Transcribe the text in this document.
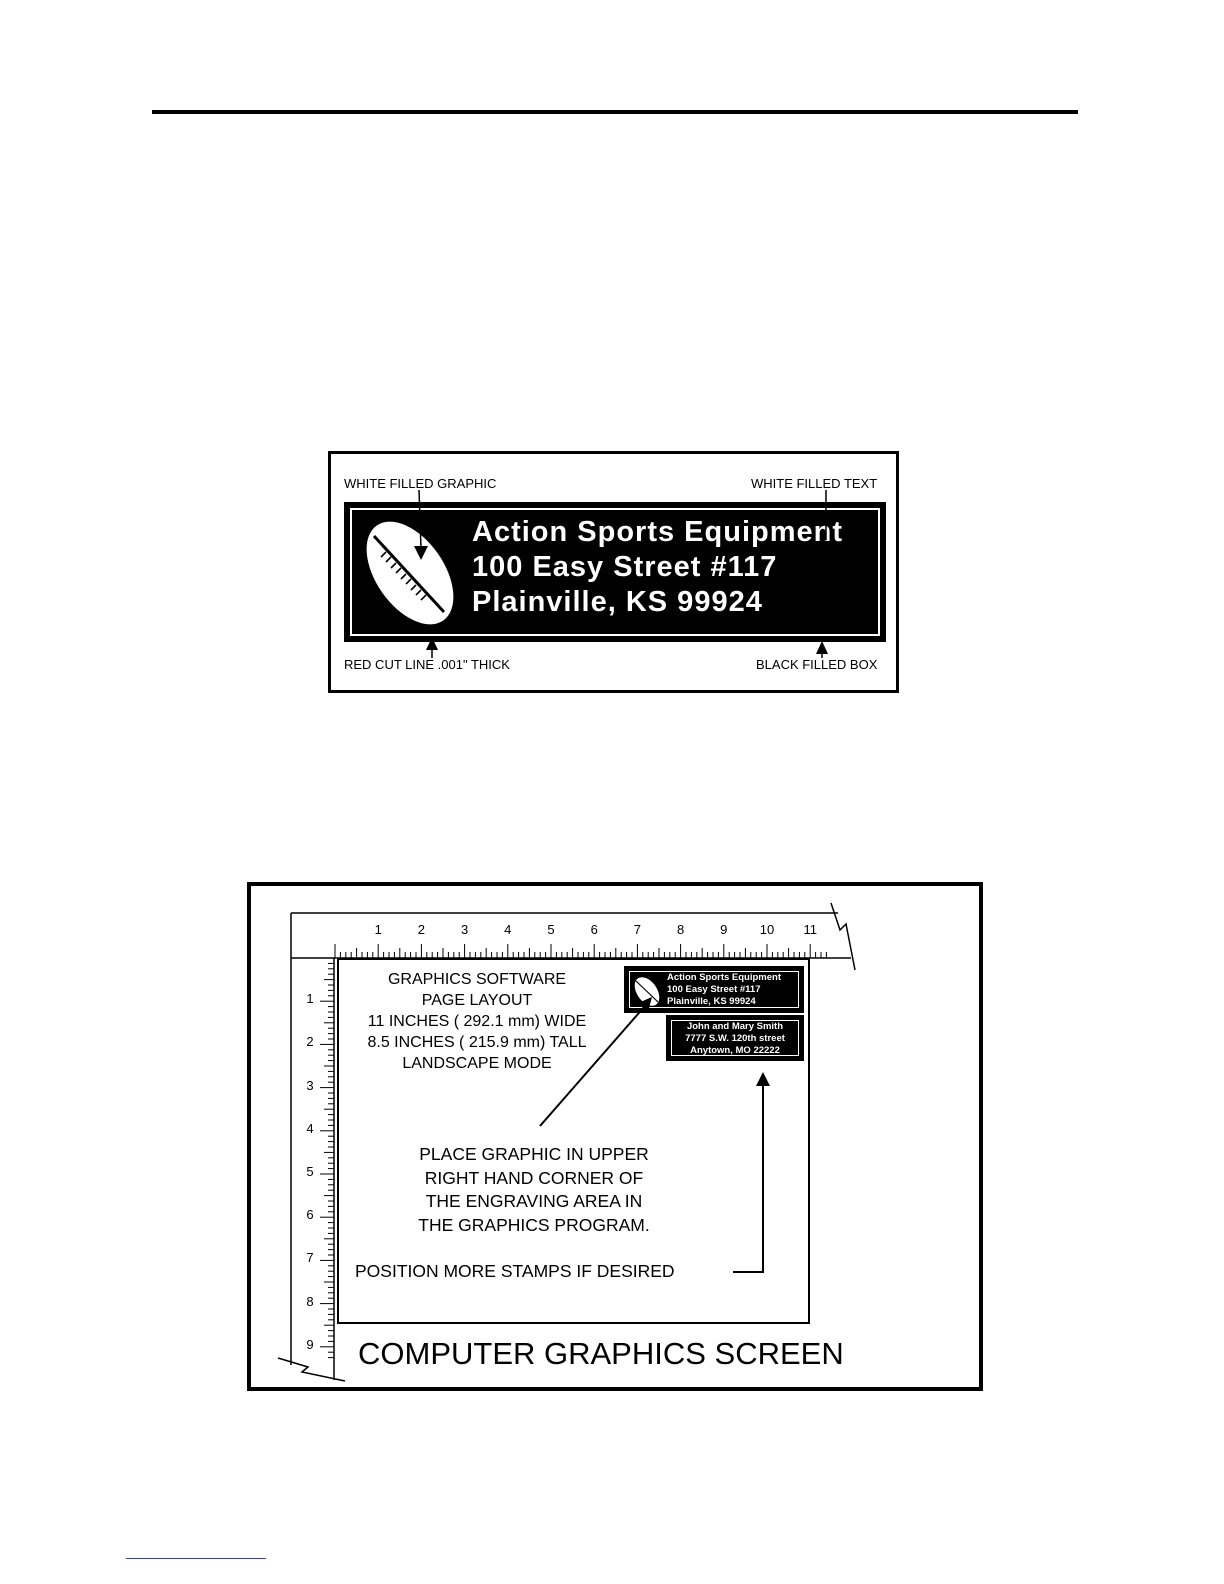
WHITE FILLED GRAPHIC	WHITE FILLED TEXT
RED CUT LINE .001" THICK	BLACK FILLED BOX
Action Sports Equipment
100 Easy Street #117
Plainville, KS 99924
1	2	3	4	5	6	7	8	9	10 11
1
2
3
4
5
6
7
8
9
GRAPHICS SOFTWARE
PAGE LAYOUT
11 INCHES ( 292.1 mm) WIDE
8.5 INCHES ( 215.9 mm) TALL
LANDSCAPE MODE
Action Sports Equipment
100 Easy Street #117
Plainville, KS 99924
John and Mary Smith
7777 S.W. 120th street
Anytown, MO 22222
PLACE GRAPHIC IN UPPER
RIGHT HAND CORNER OF
THE ENGRAVING AREA IN
THE GRAPHICS PROGRAM.
POSITION MORE STAMPS IF DESIRED
COMPUTER GRAPHICS SCREEN
